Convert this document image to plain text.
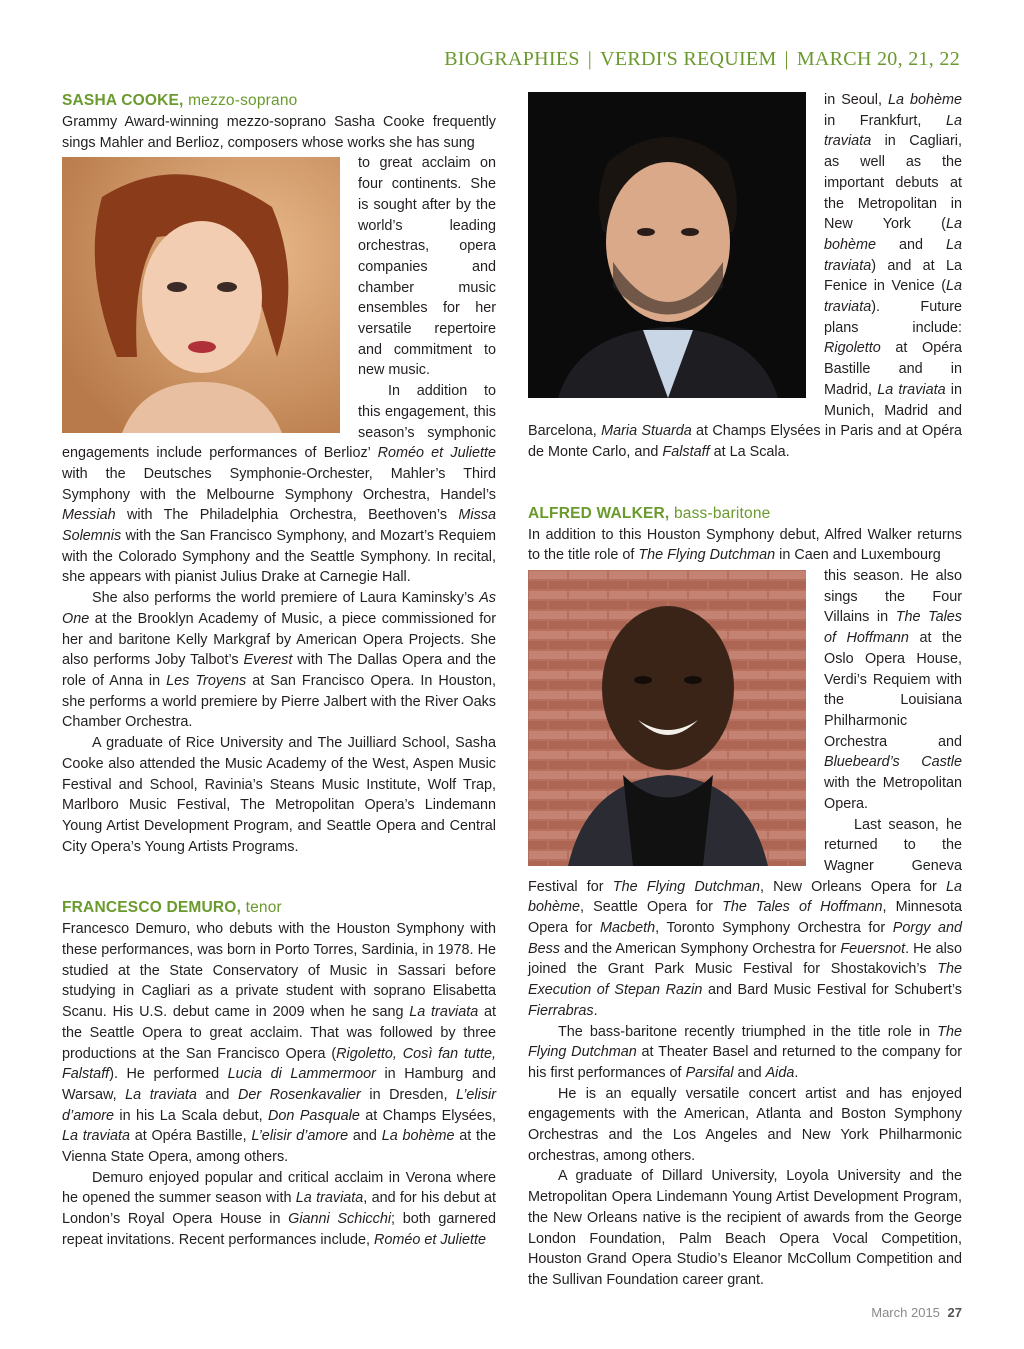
BIOGRAPHIES | VERDI'S REQUIEM | MARCH 20, 21, 22
SASHA COOKE, mezzo-soprano

Grammy Award-winning mezzo-soprano Sasha Cooke frequently sings Mahler and Berlioz, composers whose works she has sung

to great acclaim on four continents. She is sought after by the world’s leading orchestras, opera companies and chamber music ensembles for her versatile repertoire and commitment to new music.

In addition to this engagement, this season’s symphonic engagements include performances of Berlioz’ Roméo et Juliette with the Deutsches Symphonie-Orchester, Mahler’s Third Symphony with the Melbourne Symphony Orchestra, Handel’s Messiah with The Philadelphia Orchestra, Beethoven’s Missa Solemnis with the San Francisco Symphony, and Mozart’s Requiem with the Colorado Symphony and the Seattle Symphony. In recital, she appears with pianist Julius Drake at Carnegie Hall.

She also performs the world premiere of Laura Kaminsky’s As One at the Brooklyn Academy of Music, a piece commissioned for her and baritone Kelly Markgraf by American Opera Projects. She also performs Joby Talbot’s Everest with The Dallas Opera and the role of Anna in Les Troyens at San Francisco Opera. In Houston, she performs a world premiere by Pierre Jalbert with the River Oaks Chamber Orchestra.

A graduate of Rice University and The Juilliard School, Sasha Cooke also attended the Music Academy of the West, Aspen Music Festival and School, Ravinia’s Steans Music Institute, Wolf Trap, Marlboro Music Festival, The Metropolitan Opera’s Lindemann Young Artist Development Program, and Seattle Opera and Central City Opera’s Young Artists Programs.

FRANCESCO DEMURO, tenor

Francesco Demuro, who debuts with the Houston Symphony with these performances, was born in Porto Torres, Sardinia, in 1978. He studied at the State Conservatory of Music in Sassari before studying in Cagliari as a private student with soprano Elisabetta Scanu. His U.S. debut came in 2009 when he sang La traviata at the Seattle Opera to great acclaim. That was followed by three productions at the San Francisco Opera (Rigoletto, Così fan tutte, Falstaff). He performed Lucia di Lammermoor in Hamburg and Warsaw, La traviata and Der Rosenkavalier in Dresden, L’elisir d’amore in his La Scala debut, Don Pasquale at Champs Elysées, La traviata at Opéra Bastille, L’elisir d’amore and La bohème at the Vienna State Opera, among others.

Demuro enjoyed popular and critical acclaim in Verona where he opened the summer season with La traviata, and for his debut at London’s Royal Opera House in Gianni Schicchi; both garnered repeat invitations. Recent performances include, Roméo et Juliette

in Seoul, La bohème in Frankfurt, La traviata in Cagliari, as well as the important debuts at the Metropolitan in New York (La bohème and La traviata) and at La Fenice in Venice (La traviata). Future plans include: Rigoletto at Opéra Bastille and in Madrid, La traviata in Munich, Madrid and Barcelona, Maria Stuarda at Champs Elysées in Paris and at Opéra de Monte Carlo, and Falstaff at La Scala.

ALFRED WALKER, bass-baritone

In addition to this Houston Symphony debut, Alfred Walker returns to the title role of The Flying Dutchman in Caen and Luxembourg

this season. He also sings the Four Villains in The Tales of Hoffmann at the Oslo Opera House, Verdi’s Requiem with the Louisiana Philharmonic Orchestra and Bluebeard’s Castle with the Metropolitan Opera.

Last season, he returned to the Wagner Geneva Festival for The Flying Dutchman, New Orleans Opera for La bohème, Seattle Opera for The Tales of Hoffmann, Minnesota Opera for Macbeth, Toronto Symphony Orchestra for Porgy and Bess and the American Symphony Orchestra for Feuersnot. He also joined the Grant Park Music Festival for Shostakovich’s The Execution of Stepan Razin and Bard Music Festival for Schubert’s Fierrabras.

The bass-baritone recently triumphed in the title role in The Flying Dutchman at Theater Basel and returned to the company for his first performances of Parsifal and Aida.

He is an equally versatile concert artist and has enjoyed engagements with the American, Atlanta and Boston Symphony Orchestras and the Los Angeles and New York Philharmonic orchestras, among others.

A graduate of Dillard University, Loyola University and the Metropolitan Opera Lindemann Young Artist Development Program, the New Orleans native is the recipient of awards from the George London Foundation, Palm Beach Opera Vocal Competition, Houston Grand Opera Studio’s Eleanor McCollum Competition and the Sullivan Foundation career grant.

March 2015 27
